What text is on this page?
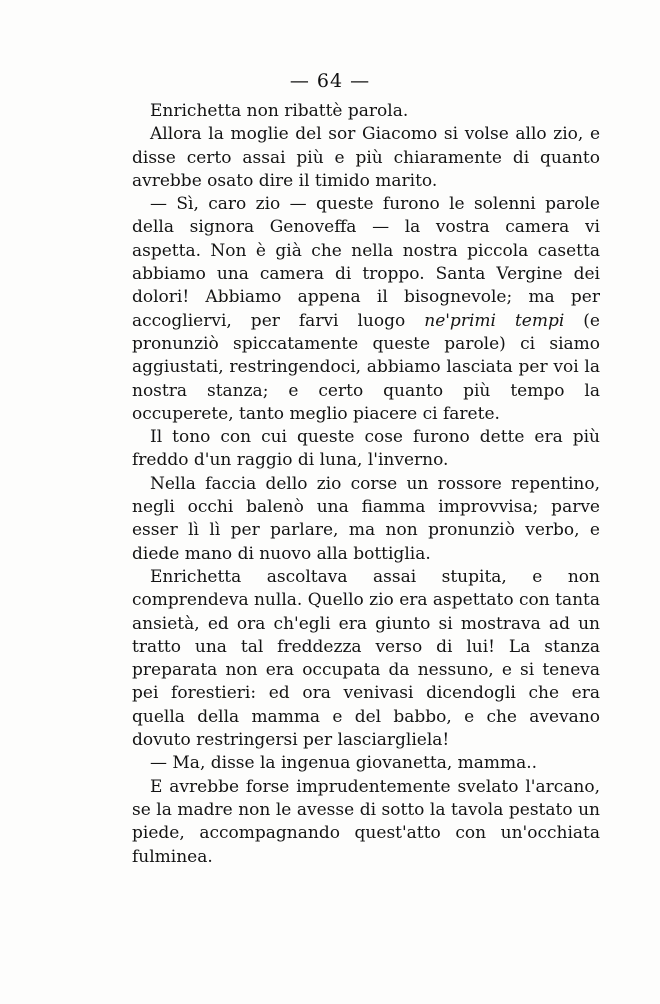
— 64 —

Enrichetta non ribattè parola.

Allora la moglie del sor Giacomo si volse allo zio, e disse certo assai più e più chiaramente di quanto avrebbe osato dire il timido marito.

— Sì, caro zio — queste furono le solenni parole della signora Genoveffa — la vostra camera vi aspetta. Non è già che nella nostra piccola casetta abbiamo una camera di troppo. Santa Vergine dei dolori! Abbiamo appena il bisognevole; ma per accogliervi, per farvi luogo ne'primi tempi (e pronunziò spiccatamente queste parole) ci siamo aggiustati, restringendoci, abbiamo lasciata per voi la nostra stanza; e certo quanto più tempo la occuperete, tanto meglio piacere ci farete.

Il tono con cui queste cose furono dette era più freddo d'un raggio di luna, l'inverno.

Nella faccia dello zio corse un rossore repentino, negli occhi balenò una fiamma improvvisa; parve esser lì lì per parlare, ma non pronunziò verbo, e diede mano di nuovo alla bottiglia.

Enrichetta ascoltava assai stupita, e non comprendeva nulla. Quello zio era aspettato con tanta ansietà, ed ora ch'egli era giunto si mostrava ad un tratto una tal freddezza verso di lui! La stanza preparata non era occupata da nessuno, e si teneva pei forestieri: ed ora venivasi dicendogli che era quella della mamma e del babbo, e che avevano dovuto restringersi per lasciargliela!

— Ma, disse la ingenua giovanetta, mamma..

E avrebbe forse imprudentemente svelato l'arcano, se la madre non le avesse di sotto la tavola pestato un piede, accompagnando quest'atto con un'occhiata fulminea.
